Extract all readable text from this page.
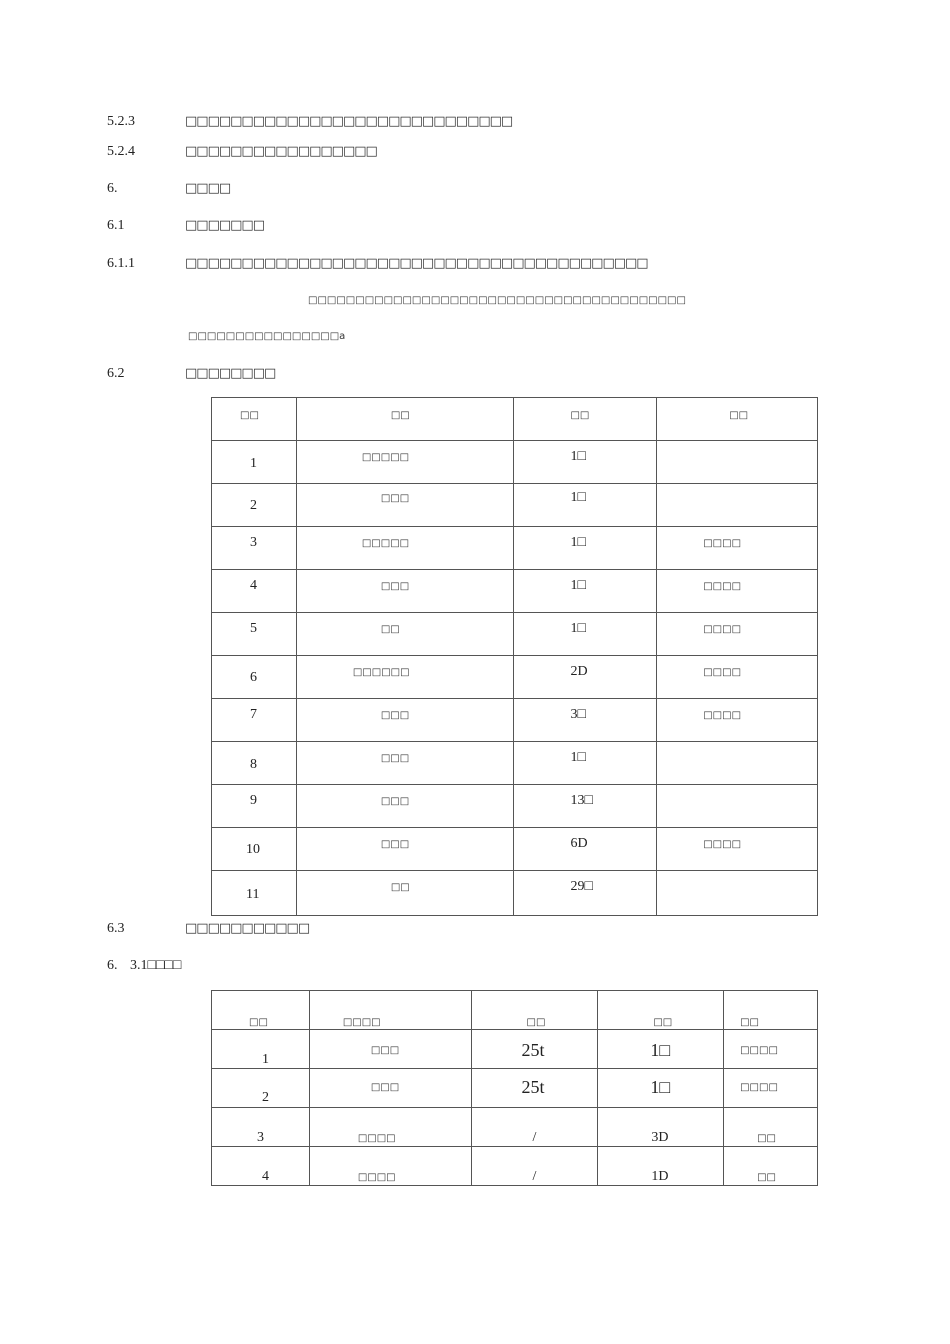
5.2.3	□□□□□□□□□□□□□□□□□□□□□□□□□□□□□
5.2.4	□□□□□□□□□□□□□□□□□
6.	□□□□
6.1	□□□□□□□
6.1.1	□□□□□□□□□□□□□□□□□□□□□□□□□□□□□□□□□□□□□□□□□
□□□□□□□□□□□□□□□□□□□□□□□□□□□□□□□□□□□□□□□□
□□□□□□□□□□□□□□□□a
6.2	□□□□□□□□
□□	□□	□□	□□

1	□□□□□	1□	

2	□□□	1□	

3	□□□□□	1□	□□□□

4	□□□	1□	□□□□

5	□□	1□	□□□□

6	□□□□□□	2D	□□□□

7	□□□	3□	□□□□

8	□□□	1□	

9	□□□	13□	

10	□□□	6D	□□□□

11	□□	29□	

6.3	□□□□□□□□□□□
6. 3.1□□□□
□□	□□□□	□□	□□	□□

1	□□□	25t	1□	□□□□

2	□□□	25t	1□	□□□□

3	□□□□	/	3D	□□

4	□□□□	/	1D	□□
